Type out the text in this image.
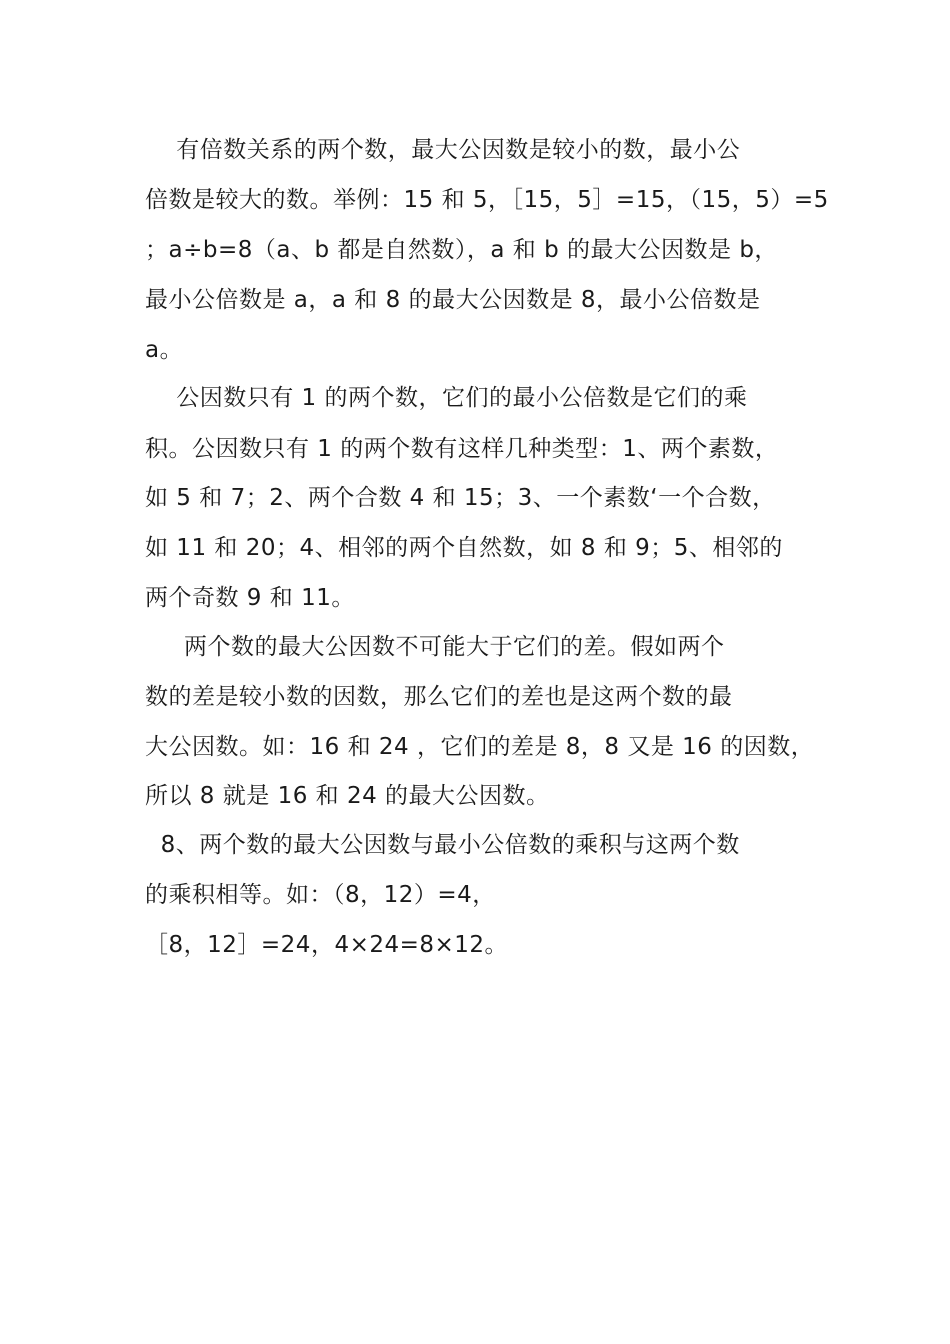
有倍数关系的两个数，最大公因数是较小的数，最小公
倍数是较大的数。举例：15 和 5，［15，5］=15，（15，5）=5
；a÷b=8（a、b 都是自然数），a 和 b 的最大公因数是 b，
最小公倍数是 a，a 和 8 的最大公因数是 8，最小公倍数是
a。
公因数只有 1 的两个数，它们的最小公倍数是它们的乘
积。公因数只有 1 的两个数有这样几种类型：1、两个素数，
如 5 和 7；2、两个合数 4 和 15；3、一个素数‘一个合数，
如 11 和 20；4、相邻的两个自然数，如 8 和 9；5、相邻的
两个奇数 9 和 11。
两个数的最大公因数不可能大于它们的差。假如两个
数的差是较小数的因数，那么它们的差也是这两个数的最
大公因数。如：16 和 24 ，它们的差是 8，8 又是 16 的因数，
所以 8 就是 16 和 24 的最大公因数。
8、两个数的最大公因数与最小公倍数的乘积与这两个数
的乘积相等。如：（8，12）=4，
［8，12］=24，4×24=8×12。
